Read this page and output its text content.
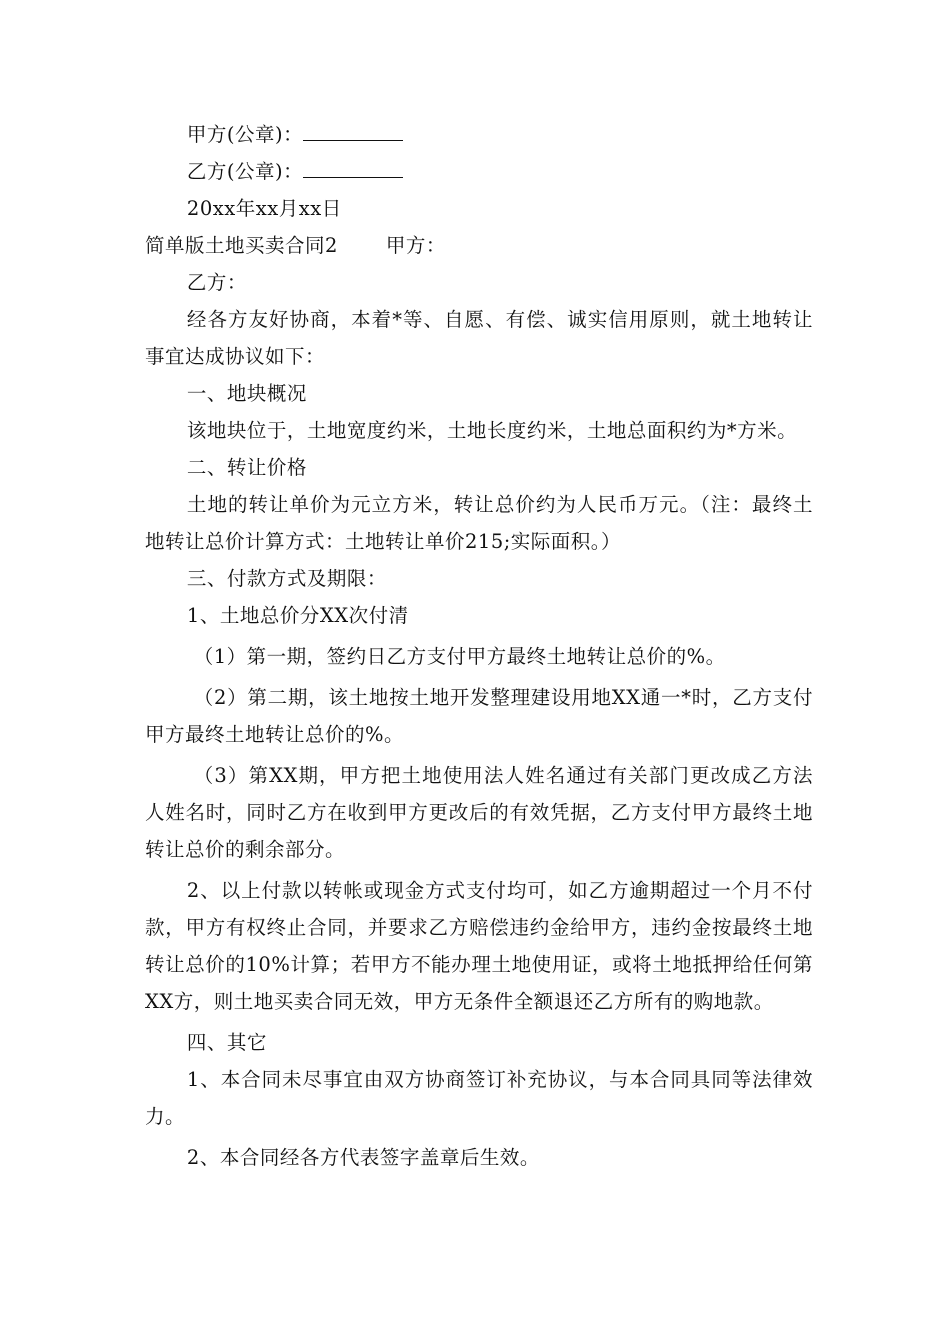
甲方(公章)：

乙方(公章)：

20xx年xx月xx日

简单版土地买卖合同2 甲方：

乙方：

经各方友好协商，本着*等、自愿、有偿、诚实信用原则，就土地转让事宜达成协议如下：

一、地块概况

该地块位于，土地宽度约米，土地长度约米，土地总面积约为*方米。

二、转让价格

土地的转让单价为元立方米，转让总价约为人民币万元。（注：最终土地转让总价计算方式：土地转让单价215;实际面积。）

三、付款方式及期限：

1、土地总价分XX次付清

（1）第一期，签约日乙方支付甲方最终土地转让总价的%。

（2）第二期，该土地按土地开发整理建设用地XX通一*时，乙方支付甲方最终土地转让总价的%。

（3）第XX期，甲方把土地使用法人姓名通过有关部门更改成乙方法人姓名时，同时乙方在收到甲方更改后的有效凭据，乙方支付甲方最终土地转让总价的剩余部分。

2、以上付款以转帐或现金方式支付均可，如乙方逾期超过一个月不付款，甲方有权终止合同，并要求乙方赔偿违约金给甲方，违约金按最终土地转让总价的10%计算；若甲方不能办理土地使用证，或将土地抵押给任何第XX方，则土地买卖合同无效，甲方无条件全额退还乙方所有的购地款。

四、其它

1、本合同未尽事宜由双方协商签订补充协议，与本合同具同等法律效力。

2、本合同经各方代表签字盖章后生效。
